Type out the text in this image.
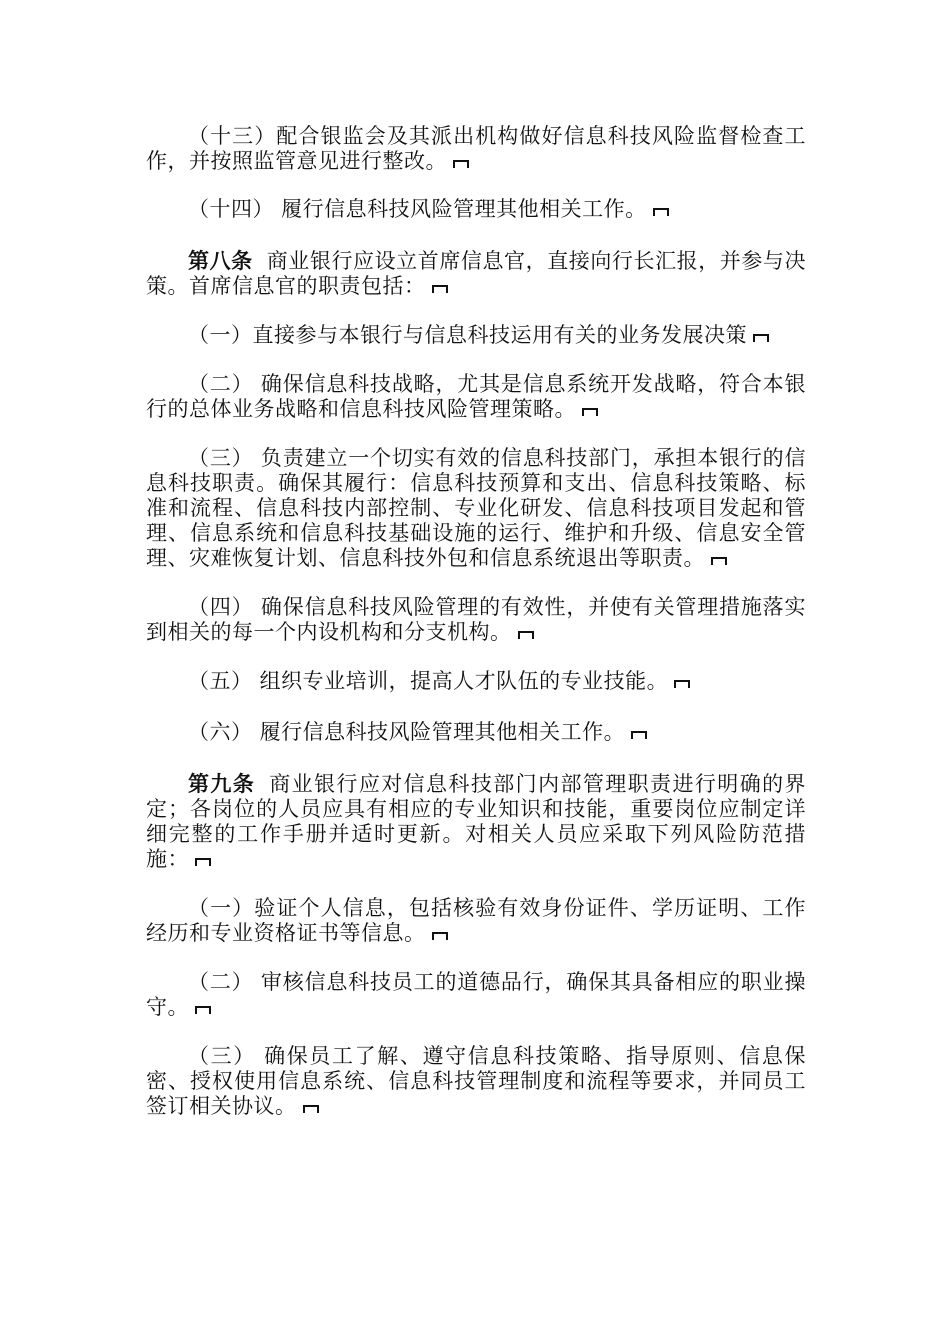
（十三）配合银监会及其派出机构做好信息科技风险监督检查工作，并按照监管意见进行整改。

（十四） 履行信息科技风险管理其他相关工作。

第八条 商业银行应设立首席信息官，直接向行长汇报，并参与决策。首席信息官的职责包括：

（一）直接参与本银行与信息科技运用有关的业务发展决策

（二） 确保信息科技战略，尤其是信息系统开发战略，符合本银行的总体业务战略和信息科技风险管理策略。

（三） 负责建立一个切实有效的信息科技部门，承担本银行的信息科技职责。确保其履行：信息科技预算和支出、信息科技策略、标准和流程、信息科技内部控制、专业化研发、信息科技项目发起和管理、信息系统和信息科技基础设施的运行、维护和升级、信息安全管理、灾难恢复计划、信息科技外包和信息系统退出等职责。

（四） 确保信息科技风险管理的有效性，并使有关管理措施落实到相关的每一个内设机构和分支机构。

（五） 组织专业培训，提高人才队伍的专业技能。

（六） 履行信息科技风险管理其他相关工作。

第九条 商业银行应对信息科技部门内部管理职责进行明确的界定；各岗位的人员应具有相应的专业知识和技能，重要岗位应制定详细完整的工作手册并适时更新。对相关人员应采取下列风险防范措施：

（一）验证个人信息，包括核验有效身份证件、学历证明、工作经历和专业资格证书等信息。

（二） 审核信息科技员工的道德品行，确保其具备相应的职业操守。

（三） 确保员工了解、遵守信息科技策略、指导原则、信息保密、授权使用信息系统、信息科技管理制度和流程等要求，并同员工签订相关协议。
